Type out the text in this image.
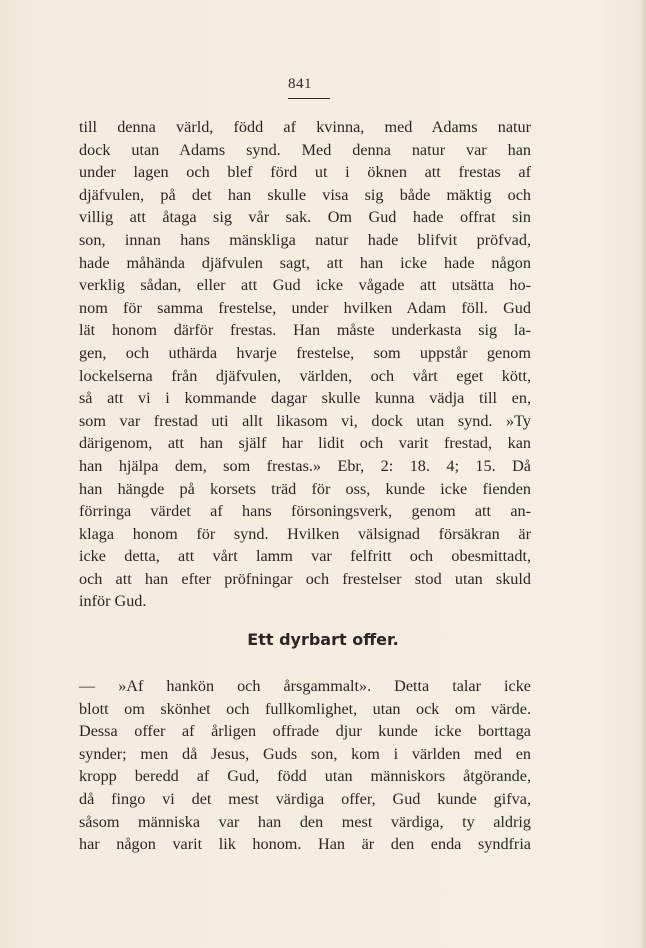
841
till denna värld, född af kvinna, med Adams natur
dock utan Adams synd. Med denna natur var han
under lagen och blef förd ut i öknen att frestas af
djäfvulen, på det han skulle visa sig både mäktig och
villig att åtaga sig vår sak. Om Gud hade offrat sin
son, innan hans mänskliga natur hade blifvit pröfvad,
hade måhända djäfvulen sagt, att han icke hade någon
verklig sådan, eller att Gud icke vågade att utsätta ho-
nom för samma frestelse, under hvilken Adam föll. Gud
lät honom därför frestas. Han måste underkasta sig la-
gen, och uthärda hvarje frestelse, som uppstår genom
lockelserna från djäfvulen, världen, och vårt eget kött,
så att vi i kommande dagar skulle kunna vädja till en,
som var frestad uti allt likasom vi, dock utan synd. »Ty
därigenom, att han själf har lidit och varit frestad, kan
han hjälpa dem, som frestas.» Ebr, 2: 18. 4; 15. Då
han hängde på korsets träd för oss, kunde icke fienden
förringa värdet af hans försoningsverk, genom att an-
klaga honom för synd. Hvilken välsignad försäkran är
icke detta, att vårt lamm var felfritt och obesmittadt,
och att han efter pröfningar och frestelser stod utan skuld
inför Gud.
Ett dyrbart offer.
— »Af hankön och årsgammalt». Detta talar icke
blott om skönhet och fullkomlighet, utan ock om värde.
Dessa offer af årligen offrade djur kunde icke borttaga
synder; men då Jesus, Guds son, kom i världen med en
kropp beredd af Gud, född utan människors åtgörande,
då fingo vi det mest värdiga offer, Gud kunde gifva,
såsom människa var han den mest värdiga, ty aldrig
har någon varit lik honom. Han är den enda syndfria
